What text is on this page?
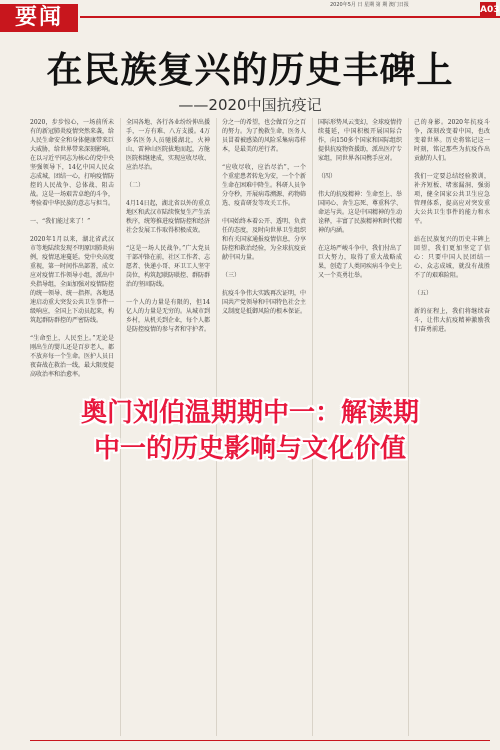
要闻	2020年5月 日 星期 第 期 澳门日报	A03
在民族复兴的历史丰碑上
——2020中国抗疫记
2020，步步惊心，一场前所未有的新冠肺炎疫情突然来袭，给人民生命安全和身体健康带来巨大威胁，给世界带来深刻影响。在以习近平同志为核心的党中央坚强领导下，14亿中国人民众志成城，团结一心，打响疫情防控的人民战争、总体战、阻击战。这是一场艰苦卓绝的斗争，考验着中华民族的意志与担当。

一、“我们能过来了！”

2020年1月以来，湖北省武汉市等地陆续发现不明原因肺炎病例，疫情迅速蔓延。党中央高度重视，第一时间作出部署，成立应对疫情工作领导小组，派出中央指导组，全面加强对疫情防控的统一领导、统一指挥。各地迅速启动重大突发公共卫生事件一级响应，全国上下动员起来，构筑起群防群控的严密防线。

“生命至上，人民至上。”无论是刚出生的婴儿还是百岁老人，都不放弃每一个生命。医护人员日夜奋战在救治一线，最大限度提高收治率和治愈率。
全国各地、各行各业纷纷伸出援手，一方有难、八方支援。4万多名医务人员驰援湖北，火神山、雷神山医院拔地而起，方舱医院相继建成，实现应收尽收、应治尽治。

（二）

4月14日起，湖北省以外的重点地区和武汉市陆续恢复生产生活秩序，统筹推进疫情防控和经济社会发展工作取得积极成效。

“这是一场人民战争。”广大党员干部冲锋在前，社区工作者、志愿者、快递小哥、环卫工人坚守岗位，构筑起联防联控、群防群治的坚固防线。

一个人的力量是有限的，但14亿人的力量是无穷的。从城市到乡村，从机关到企业，每个人都是防控疫情的参与者和守护者。
分之一的希望，也会做百分之百的努力。为了挽救生命，医务人员冒着被感染的风险采集病毒样本，是最美的逆行者。

“应收尽收，应治尽治”，一个个重症患者转危为安，一个个新生命在困难中降生。科研人员争分夺秒，开展病毒溯源、药物筛选、疫苗研发等攻关工作。

中国始终本着公开、透明、负责任的态度，及时向世界卫生组织和有关国家通报疫情信息，分享防控和救治经验，为全球抗疫贡献中国力量。

（三）

抗疫斗争伟大实践再次证明，中国共产党领导和中国特色社会主义制度是抵御风险的根本保证。
国际形势风云变幻，全球疫情持续蔓延，中国积极开展国际合作，向150多个国家和国际组织提供抗疫物资援助，派出医疗专家组，同世界各国携手应对。

（四）

伟大的抗疫精神：生命至上、举国同心、舍生忘死、尊重科学、命运与共。这是中国精神的生动诠释，丰富了民族精神和时代精神的内涵。

在这场严峻斗争中，我们付出了巨大努力，取得了重大战略成果，创造了人类同疾病斗争史上又一个英勇壮举。
己的身影。2020年抗疫斗争，深刻改变着中国，也改变着世界。历史将铭记这一时刻，铭记那些为抗疫作出贡献的人们。

我们一定要总结经验教训，补齐短板、堵塞漏洞、强弱项，健全国家公共卫生应急管理体系，提高应对突发重大公共卫生事件的能力和水平。

站在民族复兴的历史丰碑上回望，我们更加坚定了信心：只要中国人民团结一心、众志成城，就没有战胜不了的艰难险阻。

（五）

新的征程上，我们将继续奋斗，让伟大抗疫精神激励我们奋勇前进。
奥门刘伯温期期中一：解读期
中一的历史影响与文化价值
